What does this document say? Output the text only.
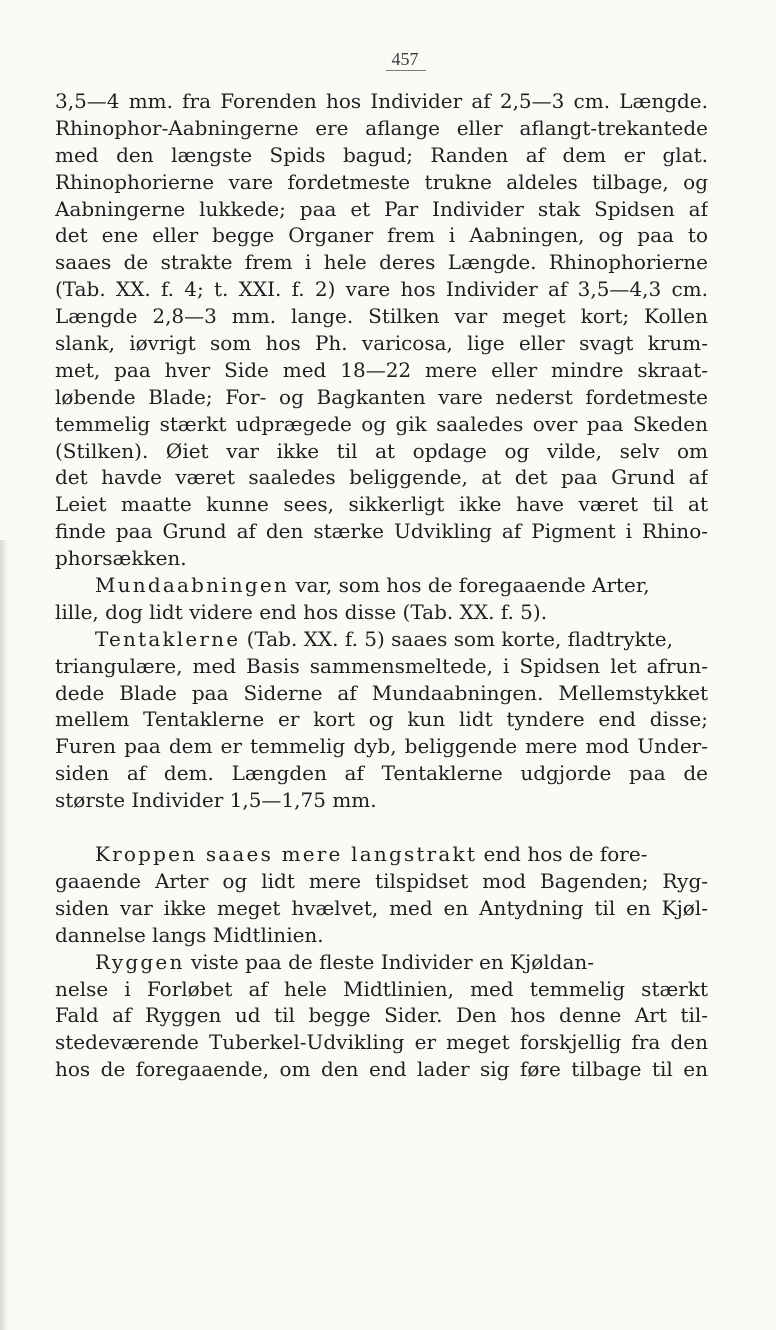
457
3,5—4 mm. fra Forenden hos Individer af 2,5—3 cm. Længde.
Rhinophor-Aabningerne ere aflange eller aflangt-trekantede
med den længste Spids bagud; Randen af dem er glat.
Rhinophorierne vare fordetmeste trukne aldeles tilbage, og
Aabningerne lukkede; paa et Par Individer stak Spidsen af
det ene eller begge Organer frem i Aabningen, og paa to
saaes de strakte frem i hele deres Længde. Rhinophorierne
(Tab. XX. f. 4; t. XXI. f. 2) vare hos Individer af 3,5—4,3 cm.
Længde 2,8—3 mm. lange. Stilken var meget kort; Kollen
slank, iøvrigt som hos Ph. varicosa, lige eller svagt krum-
met, paa hver Side med 18—22 mere eller mindre skraat-
løbende Blade; For- og Bagkanten vare nederst fordetmeste
temmelig stærkt udprægede og gik saaledes over paa Skeden
(Stilken). Øiet var ikke til at opdage og vilde, selv om
det havde været saaledes beliggende, at det paa Grund af
Leiet maatte kunne sees, sikkerligt ikke have været til at
finde paa Grund af den stærke Udvikling af Pigment i Rhino-
phorsækken.
Mundaabningen var, som hos de foregaaende Arter,
lille, dog lidt videre end hos disse (Tab. XX. f. 5).
Tentaklerne (Tab. XX. f. 5) saaes som korte, fladtrykte,
triangulære, med Basis sammensmeltede, i Spidsen let afrun-
dede Blade paa Siderne af Mundaabningen. Mellemstykket
mellem Tentaklerne er kort og kun lidt tyndere end disse;
Furen paa dem er temmelig dyb, beliggende mere mod Under-
siden af dem. Længden af Tentaklerne udgjorde paa de
største Individer 1,5—1,75 mm.
Kroppen saaes mere langstrakt end hos de fore-
gaaende Arter og lidt mere tilspidset mod Bagenden; Ryg-
siden var ikke meget hvælvet, med en Antydning til en Kjøl-
dannelse langs Midtlinien.
Ryggen viste paa de fleste Individer en Kjøldan-
nelse i Forløbet af hele Midtlinien, med temmelig stærkt
Fald af Ryggen ud til begge Sider. Den hos denne Art til-
stedeværende Tuberkel-Udvikling er meget forskjellig fra den
hos de foregaaende, om den end lader sig føre tilbage til en
